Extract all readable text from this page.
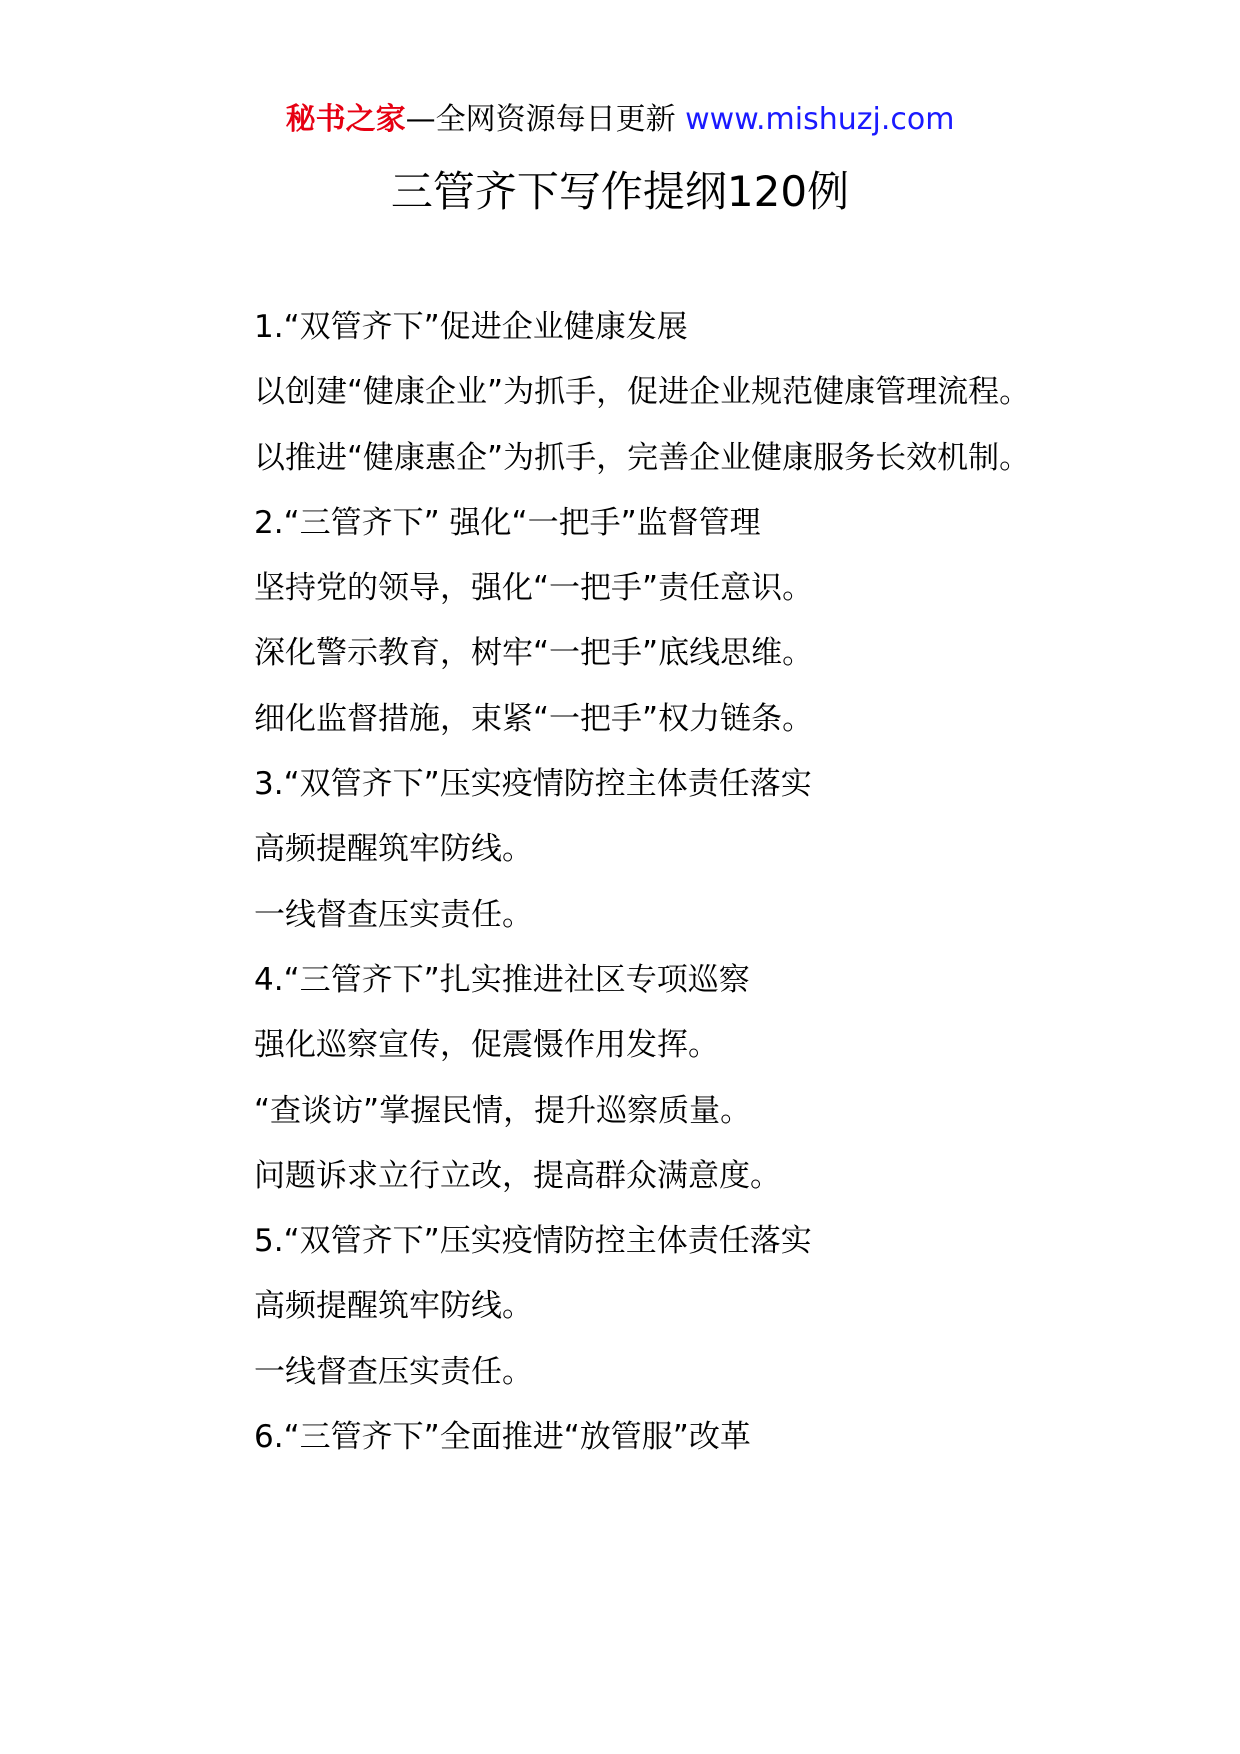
秘书之家—全网资源每日更新 www.mishuzj.com
三管齐下写作提纲120例

1.“双管齐下”促进企业健康发展

以创建“健康企业”为抓手，促进企业规范健康管理流程。

以推进“健康惠企”为抓手，完善企业健康服务长效机制。

2.“三管齐下” 强化“一把手”监督管理

坚持党的领导，强化“一把手”责任意识。

深化警示教育，树牢“一把手”底线思维。

细化监督措施，束紧“一把手”权力链条。

3.“双管齐下”压实疫情防控主体责任落实

高频提醒筑牢防线。

一线督查压实责任。

4.“三管齐下”扎实推进社区专项巡察

强化巡察宣传，促震慑作用发挥。

“查谈访”掌握民情，提升巡察质量。

问题诉求立行立改，提高群众满意度。

5.“双管齐下”压实疫情防控主体责任落实

高频提醒筑牢防线。

一线督查压实责任。

6.“三管齐下”全面推进“放管服”改革
